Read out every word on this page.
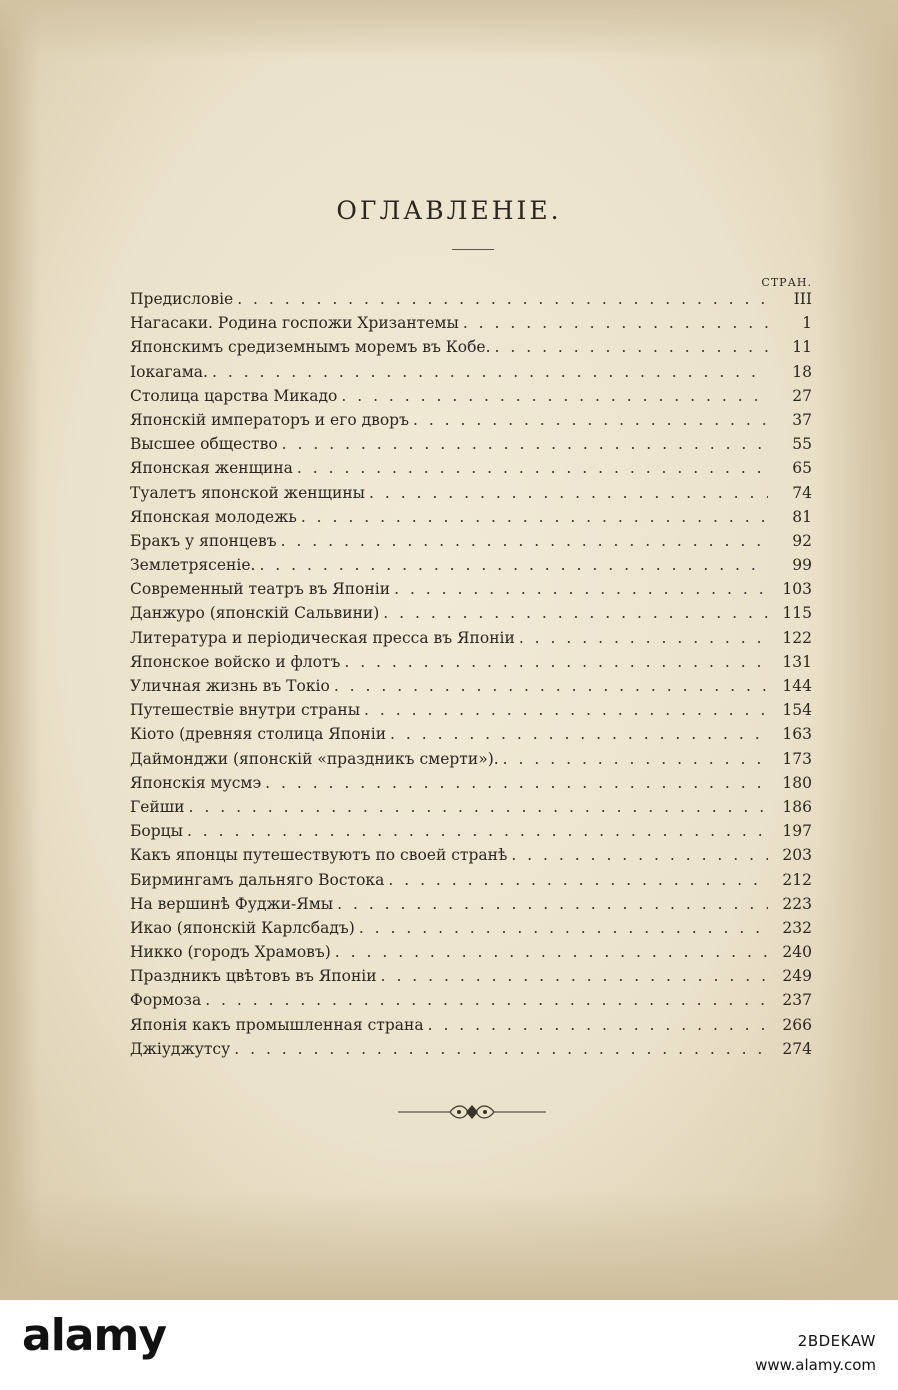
ОГЛАВЛЕНІЕ.
СТРАН.
Предисловіе . . .	III
Нагасаки. Родина госпожи Хризантемы . . .	1
Японскимъ средиземнымъ моремъ въ Кобе. . . .	11
Іокагама. . . .	18
Столица царства Микадо . . .	27
Японскій императоръ и его дворъ . . .	37
Высшее общество . . .	55
Японская женщина . . .	65
Туалетъ японской женщины . . .	74
Японская молодежь . . .	81
Бракъ у японцевъ . . .	92
Землетрясеніе. . . .	99
Современный театръ въ Японіи . . .	103
Данжуро (японскій Сальвини) . . .	115
Литература и періодическая пресса въ Японіи . . .	122
Японское войско и флотъ . . .	131
Уличная жизнь въ Токіо . . .	144
Путешествіе внутри страны . . .	154
Кіото (древняя столица Японіи . . .	163
Даймонджи (японскій «праздникъ смерти»). . . .	173
Японскія мусмэ . . .	180
Гейши . . .	186
Борцы . . .	197
Какъ японцы путешествуютъ по своей странѣ . . .	203
Бирмингамъ дальняго Востока . . .	212
На вершинѣ Фуджи-Ямы . . .	223
Икао (японскій Карлсбадъ) . . .	232
Никко (городъ Храмовъ) . . .	240
Праздникъ цвѣтовъ въ Японіи . . .	249
Формоза . . .	237
Японія какъ промышленная страна . . .	266
Джіуджутсу . . .	274
alamy	2BDEKAW
www.alamy.com
